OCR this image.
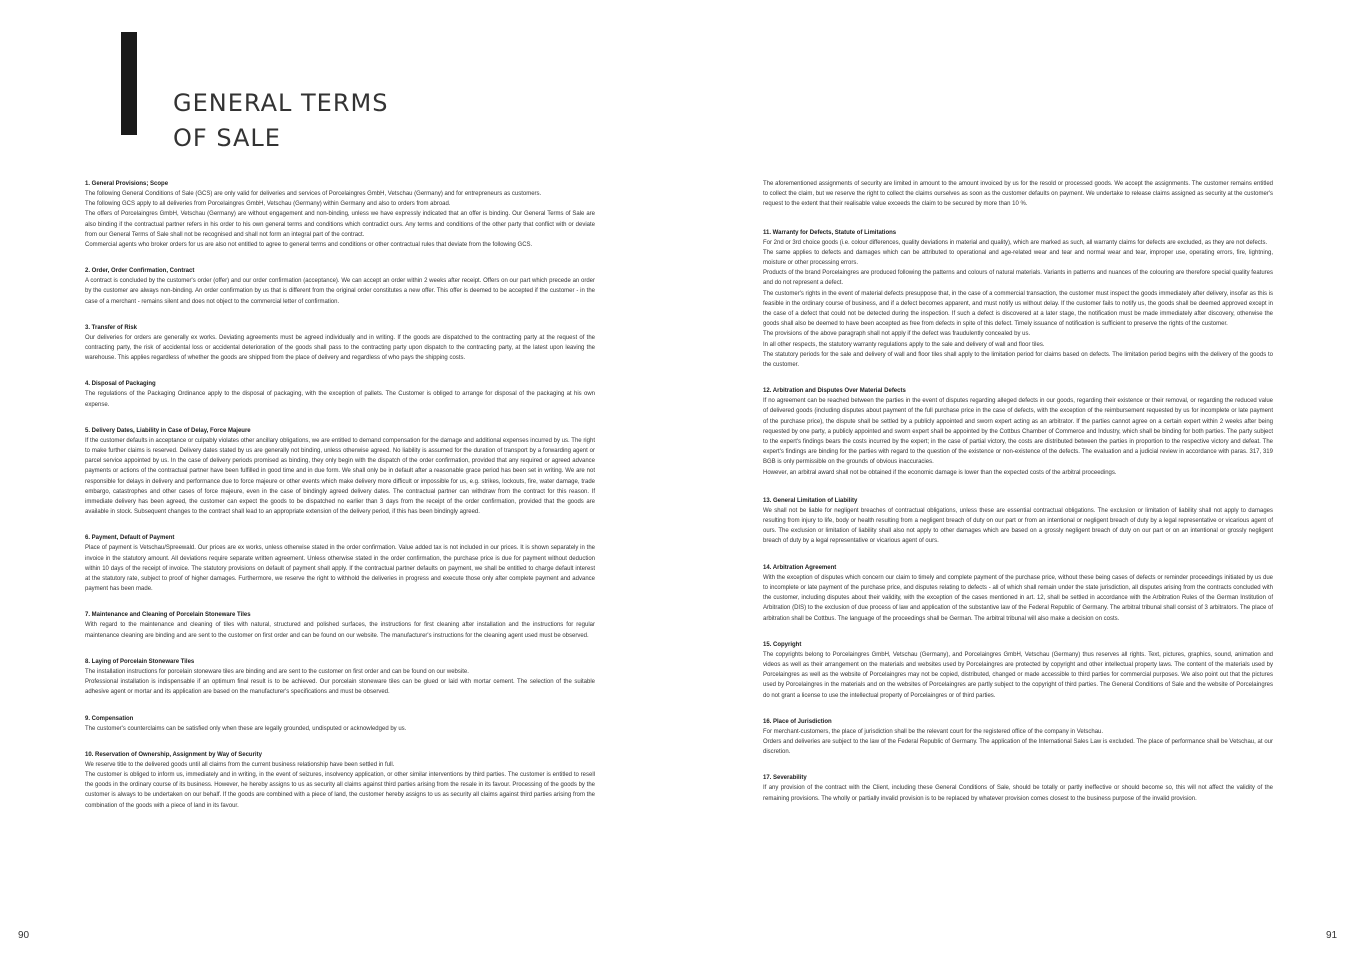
GENERAL TERMS
OF SALE
1. General Provisions; Scope

The following General Conditions of Sale (GCS) are only valid for deliveries and services of Porcelaingres GmbH, Vetschau (Germany) and for entrepreneurs as customers.

The following GCS apply to all deliveries from Porcelaingres GmbH, Vetschau (Germany) within Germany and also to orders from abroad.

The offers of Porcelaingres GmbH, Vetschau (Germany) are without engagement and non-binding, unless we have expressly indicated that an offer is binding. Our General Terms of Sale are also binding if the contractual partner refers in his order to his own general terms and conditions which contradict ours. Any terms and conditions of the other party that conflict with or deviate from our General Terms of Sale shall not be recognised and shall not form an integral part of the contract.

Commercial agents who broker orders for us are also not entitled to agree to general terms and conditions or other contractual rules that deviate from the following GCS.

2. Order, Order Confirmation, Contract

A contract is concluded by the customer's order (offer) and our order confirmation (acceptance). We can accept an order within 2 weeks after receipt. Offers on our part which precede an order by the customer are always non-binding. An order confirmation by us that is different from the original order constitutes a new offer. This offer is deemed to be accepted if the customer - in the case of a merchant - remains silent and does not object to the commercial letter of confirmation.

3. Transfer of Risk

Our deliveries for orders are generally ex works. Deviating agreements must be agreed individually and in writing. If the goods are dispatched to the contracting party at the request of the contracting party, the risk of accidental loss or accidental deterioration of the goods shall pass to the contracting party upon dispatch to the contracting party, at the latest upon leaving the warehouse. This applies regardless of whether the goods are shipped from the place of delivery and regardless of who pays the shipping costs.

4. Disposal of Packaging

The regulations of the Packaging Ordinance apply to the disposal of packaging, with the exception of pallets. The Customer is obliged to arrange for disposal of the packaging at his own expense.

5. Delivery Dates, Liability in Case of Delay, Force Majeure

If the customer defaults in acceptance or culpably violates other ancillary obligations, we are entitled to demand compensation for the damage and additional expenses incurred by us. The right to make further claims is reserved. Delivery dates stated by us are generally not binding, unless otherwise agreed. No liability is assumed for the duration of transport by a forwarding agent or parcel service appointed by us. In the case of delivery periods promised as binding, they only begin with the dispatch of the order confirmation, provided that any required or agreed advance payments or actions of the contractual partner have been fulfilled in good time and in due form. We shall only be in default after a reasonable grace period has been set in writing. We are not responsible for delays in delivery and performance due to force majeure or other events which make delivery more difficult or impossible for us, e.g. strikes, lockouts, fire, water damage, trade embargo, catastrophes and other cases of force majeure, even in the case of bindingly agreed delivery dates. The contractual partner can withdraw from the contract for this reason. If immediate delivery has been agreed, the customer can expect the goods to be dispatched no earlier than 3 days from the receipt of the order confirmation, provided that the goods are available in stock. Subsequent changes to the contract shall lead to an appropriate extension of the delivery period, if this has been bindingly agreed.

6. Payment, Default of Payment

Place of payment is Vetschau/Spreewald. Our prices are ex works, unless otherwise stated in the order confirmation. Value added tax is not included in our prices. It is shown separately in the invoice in the statutory amount. All deviations require separate written agreement. Unless otherwise stated in the order confirmation, the purchase price is due for payment without deduction within 10 days of the receipt of invoice. The statutory provisions on default of payment shall apply. If the contractual partner defaults on payment, we shall be entitled to charge default interest at the statutory rate, subject to proof of higher damages. Furthermore, we reserve the right to withhold the deliveries in progress and execute those only after complete payment and advance payment has been made.

7. Maintenance and Cleaning of Porcelain Stoneware Tiles

With regard to the maintenance and cleaning of tiles with natural, structured and polished surfaces, the instructions for first cleaning after installation and the instructions for regular maintenance cleaning are binding and are sent to the customer on first order and can be found on our website. The manufacturer's instructions for the cleaning agent used must be observed.

8. Laying of Porcelain Stoneware Tiles

The installation instructions for porcelain stoneware tiles are binding and are sent to the customer on first order and can be found on our website.

Professional installation is indispensable if an optimum final result is to be achieved. Our porcelain stoneware tiles can be glued or laid with mortar cement. The selection of the suitable adhesive agent or mortar and its application are based on the manufacturer's specifications and must be observed.

9. Compensation

The customer's counterclaims can be satisfied only when these are legally grounded, undisputed or acknowledged by us.

10. Reservation of Ownership, Assignment by Way of Security

We reserve title to the delivered goods until all claims from the current business relationship have been settled in full.

The customer is obliged to inform us, immediately and in writing, in the event of seizures, insolvency application, or other similar interventions by third parties. The customer is entitled to resell the goods in the ordinary course of its business. However, he hereby assigns to us as security all claims against third parties arising from the resale in its favour. Processing of the goods by the customer is always to be undertaken on our behalf. If the goods are combined with a piece of land, the customer hereby assigns to us as security all claims against third parties arising from the combination of the goods with a piece of land in its favour.

The aforementioned assignments of security are limited in amount to the amount invoiced by us for the resold or processed goods. We accept the assignments. The customer remains entitled to collect the claim, but we reserve the right to collect the claims ourselves as soon as the customer defaults on payment. We undertake to release claims assigned as security at the customer's request to the extent that their realisable value exceeds the claim to be secured by more than 10 %.

11. Warranty for Defects, Statute of Limitations

For 2nd or 3rd choice goods (i.e. colour differences, quality deviations in material and quality), which are marked as such, all warranty claims for defects are excluded, as they are not defects.

The same applies to defects and damages which can be attributed to operational and age-related wear and tear and normal wear and tear, improper use, operating errors, fire, lightning, moisture or other processing errors.

Products of the brand Porcelaingres are produced following the patterns and colours of natural materials. Variants in patterns and nuances of the colouring are therefore special quality features and do not represent a defect.

The customer's rights in the event of material defects presuppose that, in the case of a commercial transaction, the customer must inspect the goods immediately after delivery, insofar as this is feasible in the ordinary course of business, and if a defect becomes apparent, and must notify us without delay. If the customer fails to notify us, the goods shall be deemed approved except in the case of a defect that could not be detected during the inspection. If such a defect is discovered at a later stage, the notification must be made immediately after discovery, otherwise the goods shall also be deemed to have been accepted as free from defects in spite of this defect. Timely issuance of notification is sufficient to preserve the rights of the customer.

The provisions of the above paragraph shall not apply if the defect was fraudulently concealed by us.

In all other respects, the statutory warranty regulations apply to the sale and delivery of wall and floor tiles.

The statutory periods for the sale and delivery of wall and floor tiles shall apply to the limitation period for claims based on defects. The limitation period begins with the delivery of the goods to the customer.

12. Arbitration and Disputes Over Material Defects

If no agreement can be reached between the parties in the event of disputes regarding alleged defects in our goods, regarding their existence or their removal, or regarding the reduced value of delivered goods (including disputes about payment of the full purchase price in the case of defects, with the exception of the reimbursement requested by us for incomplete or late payment of the purchase price), the dispute shall be settled by a publicly appointed and sworn expert acting as an arbitrator. If the parties cannot agree on a certain expert within 2 weeks after being requested by one party, a publicly appointed and sworn expert shall be appointed by the Cottbus Chamber of Commerce and Industry, which shall be binding for both parties. The party subject to the expert's findings bears the costs incurred by the expert; in the case of partial victory, the costs are distributed between the parties in proportion to the respective victory and defeat. The expert's findings are binding for the parties with regard to the question of the existence or non-existence of the defects. The evaluation and a judicial review in accordance with paras. 317, 319 BGB is only permissible on the grounds of obvious inaccuracies.

However, an arbitral award shall not be obtained if the economic damage is lower than the expected costs of the arbitral proceedings.

13. General Limitation of Liability

We shall not be liable for negligent breaches of contractual obligations, unless these are essential contractual obligations. The exclusion or limitation of liability shall not apply to damages resulting from injury to life, body or health resulting from a negligent breach of duty on our part or from an intentional or negligent breach of duty by a legal representative or vicarious agent of ours. The exclusion or limitation of liability shall also not apply to other damages which are based on a grossly negligent breach of duty on our part or on an intentional or grossly negligent breach of duty by a legal representative or vicarious agent of ours.

14. Arbitration Agreement

With the exception of disputes which concern our claim to timely and complete payment of the purchase price, without these being cases of defects or reminder proceedings initiated by us due to incomplete or late payment of the purchase price, and disputes relating to defects - all of which shall remain under the state jurisdiction, all disputes arising from the contracts concluded with the customer, including disputes about their validity, with the exception of the cases mentioned in art. 12, shall be settled in accordance with the Arbitration Rules of the German Institution of Arbitration (DIS) to the exclusion of due process of law and application of the substantive law of the Federal Republic of Germany. The arbitral tribunal shall consist of 3 arbitrators. The place of arbitration shall be Cottbus. The language of the proceedings shall be German. The arbitral tribunal will also make a decision on costs.

15. Copyright

The copyrights belong to Porcelaingres GmbH, Vetschau (Germany), and Porcelaingres GmbH, Vetschau (Germany) thus reserves all rights. Text, pictures, graphics, sound, animation and videos as well as their arrangement on the materials and websites used by Porcelaingres are protected by copyright and other intellectual property laws. The content of the materials used by Porcelaingres as well as the website of Porcelaingres may not be copied, distributed, changed or made accessible to third parties for commercial purposes. We also point out that the pictures used by Porcelaingres in the materials and on the websites of Porcelaingres are partly subject to the copyright of third parties. The General Conditions of Sale and the website of Porcelaingres do not grant a license to use the intellectual property of Porcelaingres or of third parties.

16. Place of Jurisdiction

For merchant-customers, the place of jurisdiction shall be the relevant court for the registered office of the company in Vetschau.

Orders and deliveries are subject to the law of the Federal Republic of Germany. The application of the International Sales Law is excluded. The place of performance shall be Vetschau, at our discretion.

17. Severability

If any provision of the contract with the Client, including these General Conditions of Sale, should be totally or partly ineffective or should become so, this will not affect the validity of the remaining provisions. The wholly or partially invalid provision is to be replaced by whatever provision comes closest to the business purpose of the invalid provision.

90	91
